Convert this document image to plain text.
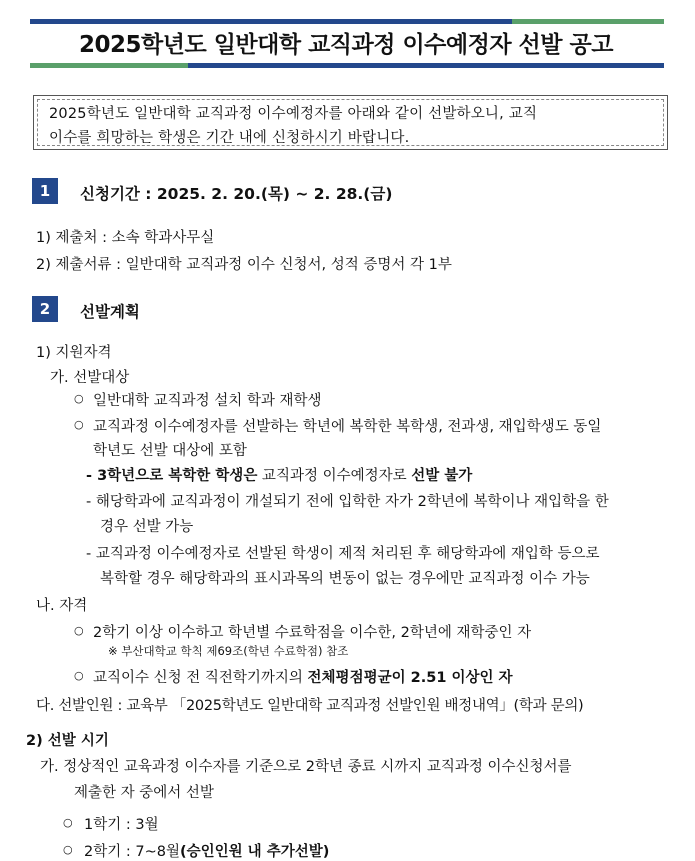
2025학년도 일반대학 교직과정 이수예정자 선발 공고
2025학년도 일반대학 교직과정 이수예정자를 아래와 같이 선발하오니, 교직
이수를 희망하는 학생은 기간 내에 신청하시기 바랍니다.
1	신청기간 : 2025. 2. 20.(목) ~ 2. 28.(금)
1) 제출처 : 소속 학과사무실
2) 제출서류 : 일반대학 교직과정 이수 신청서, 성적 증명서 각 1부
2	선발계획
1) 지원자격
가. 선발대상
○ 일반대학 교직과정 설치 학과 재학생
○ 교직과정 이수예정자를 선발하는 학년에 복학한 복학생, 전과생, 재입학생도 동일
학년도 선발 대상에 포함
- 3학년으로 복학한 학생은 교직과정 이수예정자로 선발 불가
- 해당학과에 교직과정이 개설되기 전에 입학한 자가 2학년에 복학이나 재입학을 한
경우 선발 가능
- 교직과정 이수예정자로 선발된 학생이 제적 처리된 후 해당학과에 재입학 등으로
복학할 경우 해당학과의 표시과목의 변동이 없는 경우에만 교직과정 이수 가능
나. 자격
○ 2학기 이상 이수하고 학년별 수료학점을 이수한, 2학년에 재학중인 자
※ 부산대학교 학칙 제69조(학년 수료학점) 참조
○ 교직이수 신청 전 직전학기까지의 전체평점평균이 2.51 이상인 자
다. 선발인원 : 교육부 「2025학년도 일반대학 교직과정 선발인원 배정내역」(학과 문의)
2) 선발 시기
가. 정상적인 교육과정 이수자를 기준으로 2학년 종료 시까지 교직과정 이수신청서를
제출한 자 중에서 선발
○ 1학기 : 3월
○ 2학기 : 7~8월(승인인원 내 추가선발)
